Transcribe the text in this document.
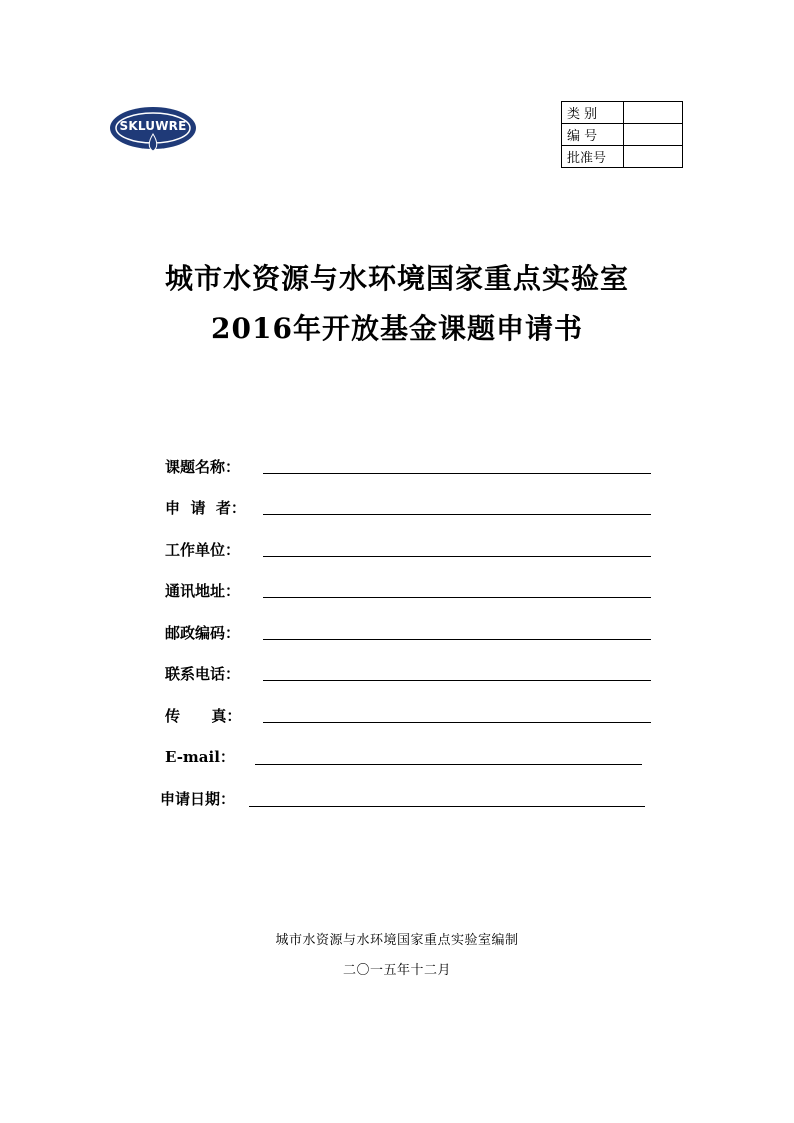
SKLUWRE
类 别	
编 号	
批准号	
城市水资源与水环境国家重点实验室
2016年开放基金课题申请书
课题名称：
申  请  者：
工作单位：
通讯地址：
邮政编码：
联系电话：
传      真：
E-mail：
申请日期：
城市水资源与水环境国家重点实验室编制
二〇一五年十二月
